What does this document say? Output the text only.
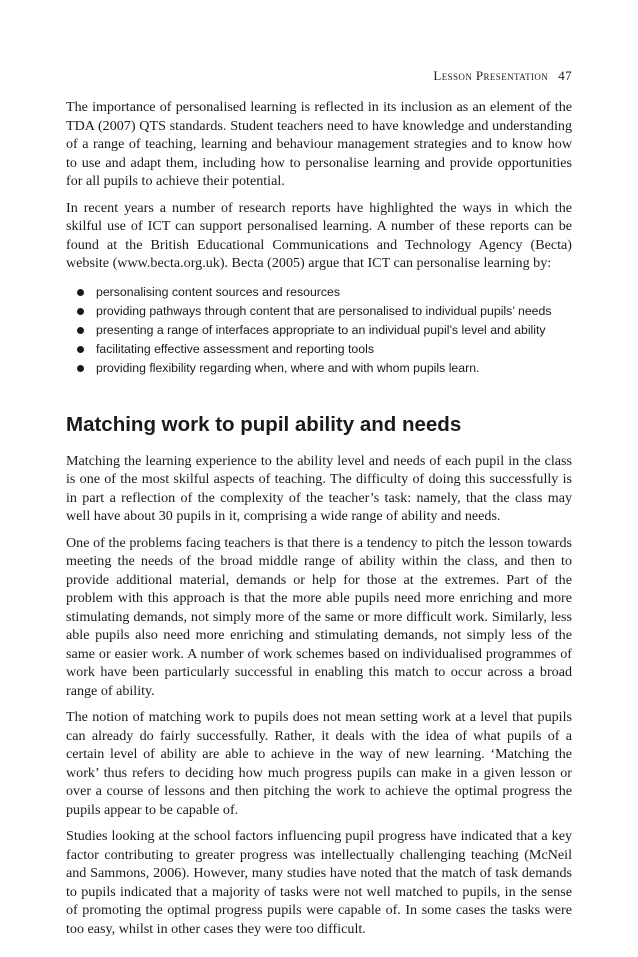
Lesson Presentation 47

The importance of personalised learning is reflected in its inclusion as an element of the TDA (2007) QTS standards. Student teachers need to have knowledge and understanding of a range of teaching, learning and behaviour management strategies and to know how to use and adapt them, including how to personalise learning and provide opportunities for all pupils to achieve their potential.

In recent years a number of research reports have highlighted the ways in which the skilful use of ICT can support personalised learning. A number of these reports can be found at the British Educational Communications and Technology Agency (Becta) website (www.becta.org.uk). Becta (2005) argue that ICT can personalise learning by:

personalising content sources and resources
providing pathways through content that are personalised to individual pupils’ needs
presenting a range of interfaces appropriate to an individual pupil’s level and ability
facilitating effective assessment and reporting tools
providing flexibility regarding when, where and with whom pupils learn.
Matching work to pupil ability and needs

Matching the learning experience to the ability level and needs of each pupil in the class is one of the most skilful aspects of teaching. The difficulty of doing this successfully is in part a reflection of the complexity of the teacher’s task: namely, that the class may well have about 30 pupils in it, comprising a wide range of ability and needs.

One of the problems facing teachers is that there is a tendency to pitch the lesson towards meeting the needs of the broad middle range of ability within the class, and then to provide additional material, demands or help for those at the extremes. Part of the problem with this approach is that the more able pupils need more enriching and more stimulating demands, not simply more of the same or more difficult work. Similarly, less able pupils also need more enriching and stimulating demands, not simply less of the same or easier work. A number of work schemes based on individualised programmes of work have been particularly successful in enabling this match to occur across a broad range of ability.

The notion of matching work to pupils does not mean setting work at a level that pupils can already do fairly successfully. Rather, it deals with the idea of what pupils of a certain level of ability are able to achieve in the way of new learning. ‘Matching the work’ thus refers to deciding how much progress pupils can make in a given lesson or over a course of lessons and then pitching the work to achieve the optimal progress the pupils appear to be capable of.

Studies looking at the school factors influencing pupil progress have indicated that a key factor contributing to greater progress was intellectually challenging teaching (McNeil and Sammons, 2006). However, many studies have noted that the match of task demands to pupils indicated that a majority of tasks were not well matched to pupils, in the sense of promoting the optimal progress pupils were capable of. In some cases the tasks were too easy, whilst in other cases they were too difficult.
